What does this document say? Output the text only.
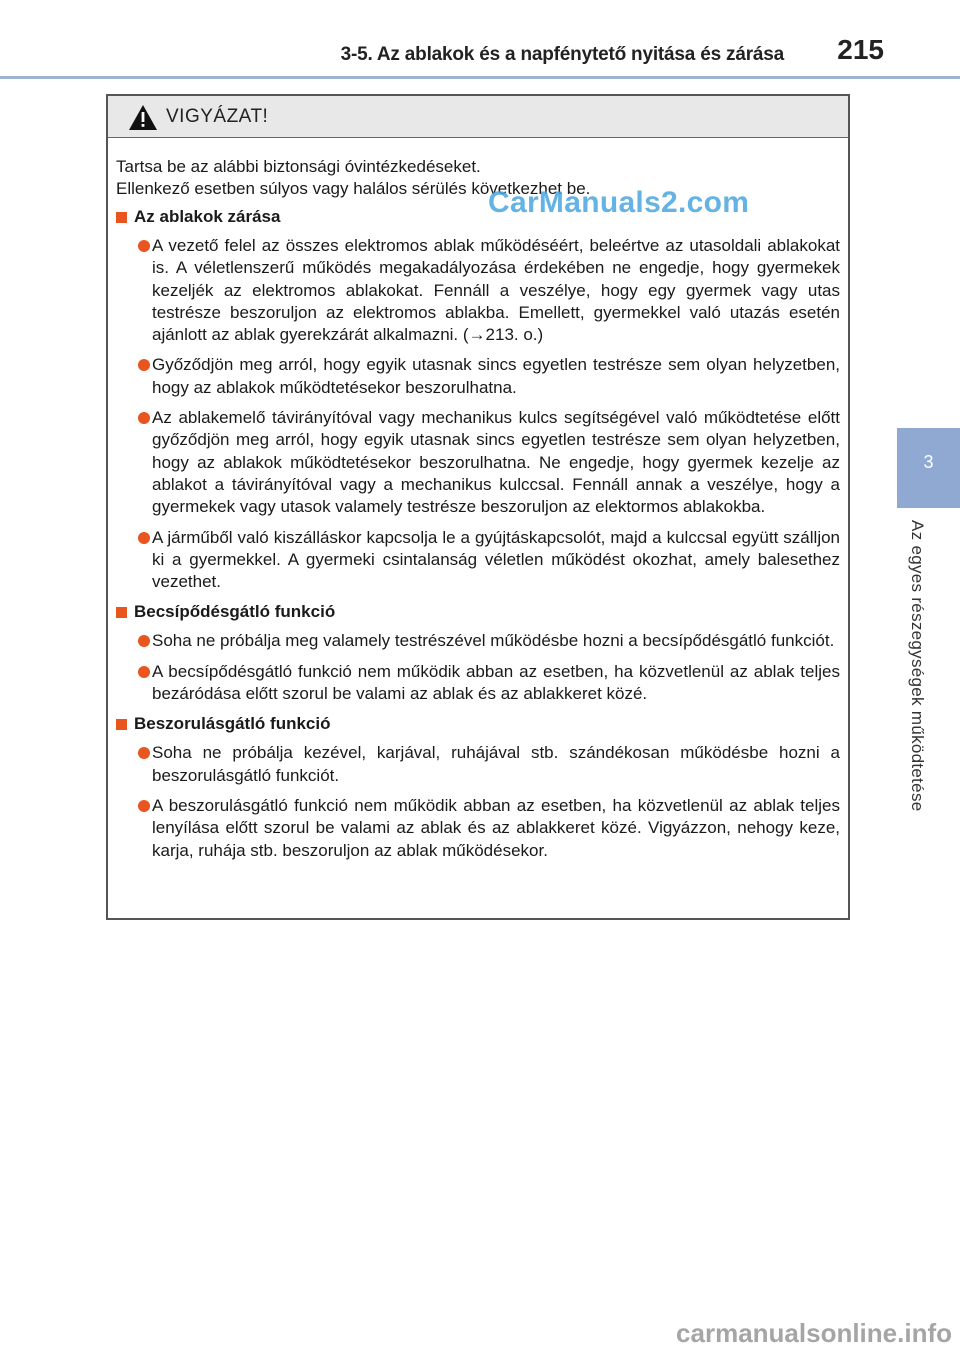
3-5. Az ablakok és a napfénytető nyitása és zárása 215
3
Az egyes részegységek működtetése
VIGYÁZAT!
Tartsa be az alábbi biztonsági óvintézkedéseket.
Ellenkező esetben súlyos vagy halálos sérülés következhet be.
Az ablakok zárása
A vezető felel az összes elektromos ablak működéséért, beleértve az utasoldali ablakokat is. A véletlenszerű működés megakadályozása érdekében ne engedje, hogy gyermekek kezeljék az elektromos ablakokat. Fennáll a veszélye, hogy egy gyermek vagy utas testrésze beszoruljon az elektromos ablakba. Emellett, gyermekkel való utazás esetén ajánlott az ablak gyerekzárát alkalmazni. (→213. o.)
Győződjön meg arról, hogy egyik utasnak sincs egyetlen testrésze sem olyan helyzetben, hogy az ablakok működtetésekor beszorulhatna.
Az ablakemelő távirányítóval vagy mechanikus kulcs segítségével való működtetése előtt győződjön meg arról, hogy egyik utasnak sincs egyetlen testrésze sem olyan helyzetben, hogy az ablakok működtetésekor beszorulhatna. Ne engedje, hogy gyermek kezelje az ablakot a távirányítóval vagy a mechanikus kulccsal. Fennáll annak a veszélye, hogy a gyermekek vagy utasok valamely testrésze beszoruljon az elektormos ablakokba.
A járműből való kiszálláskor kapcsolja le a gyújtáskapcsolót, majd a kulccsal együtt szálljon ki a gyermekkel. A gyermeki csintalanság véletlen működést okozhat, amely balesethez vezethet.
Becsípődésgátló funkció
Soha ne próbálja meg valamely testrészével működésbe hozni a becsípődésgátló funkciót.
A becsípődésgátló funkció nem működik abban az esetben, ha közvetlenül az ablak teljes bezáródása előtt szorul be valami az ablak és az ablakkeret közé.
Beszorulásgátló funkció
Soha ne próbálja kezével, karjával, ruhájával stb. szándékosan működésbe hozni a beszorulásgátló funkciót.
A beszorulásgátló funkció nem működik abban az esetben, ha közvetlenül az ablak teljes lenyílása előtt szorul be valami az ablak és az ablakkeret közé. Vigyázzon, nehogy keze, karja, ruhája stb. beszoruljon az ablak működésekor.
CarManuals2.com
carmanualsonline.info
